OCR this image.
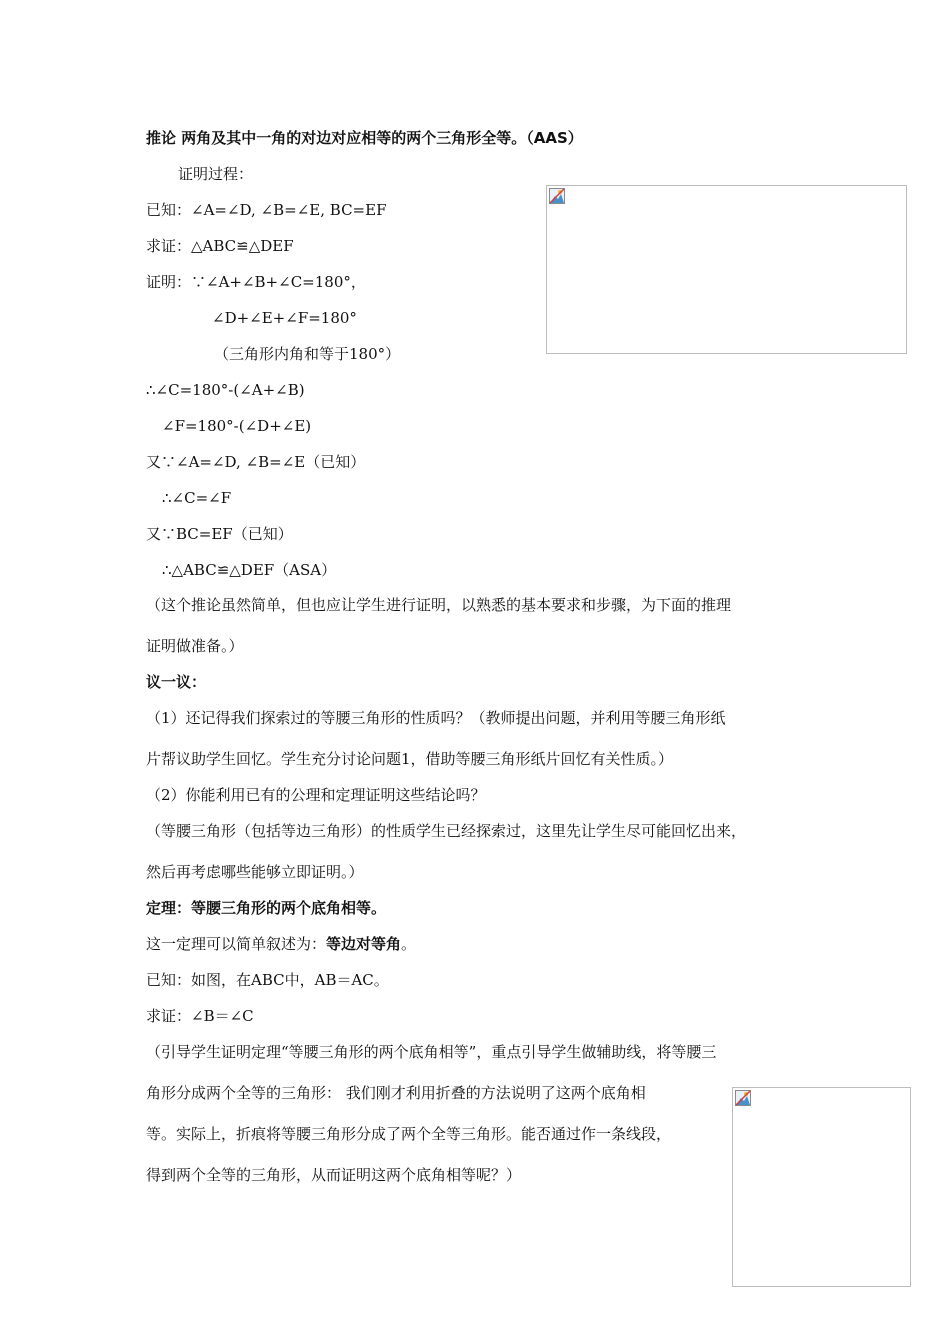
推论 两角及其中一角的对边对应相等的两个三角形全等。（AAS）
证明过程：
已知：∠A=∠D, ∠B=∠E, BC=EF
求证：△ABC≌△DEF
证明：∵∠A+∠B+∠C=180°，
∠D+∠E+∠F=180°
（三角形内角和等于180°）
∴∠C=180°-(∠A+∠B)
∠F=180°-(∠D+∠E)
又∵∠A=∠D, ∠B=∠E（已知）
∴∠C=∠F
又∵BC=EF（已知）
∴△ABC≌△DEF（ASA）
（这个推论虽然简单，但也应让学生进行证明，以熟悉的基本要求和步骤，为下面的推理
证明做准备。）
议一议：
（1）还记得我们探索过的等腰三角形的性质吗？（教师提出问题，并利用等腰三角形纸
片帮议助学生回忆。学生充分讨论问题1，借助等腰三角形纸片回忆有关性质。）
（2）你能利用已有的公理和定理证明这些结论吗？
（等腰三角形（包括等边三角形）的性质学生已经探索过，这里先让学生尽可能回忆出来，
然后再考虑哪些能够立即证明。）
定理：等腰三角形的两个底角相等。
这一定理可以简单叙述为：等边对等角。
已知：如图，在ABC中，AB＝AC。
求证：∠B＝∠C
（引导学生证明定理“等腰三角形的两个底角相等”，重点引导学生做辅助线，将等腰三
角形分成两个全等的三角形： 我们刚才利用折叠的方法说明了这两个底角相
等。实际上，折痕将等腰三角形分成了两个全等三角形。能否通过作一条线段，
得到两个全等的三角形，从而证明这两个底角相等呢？）
